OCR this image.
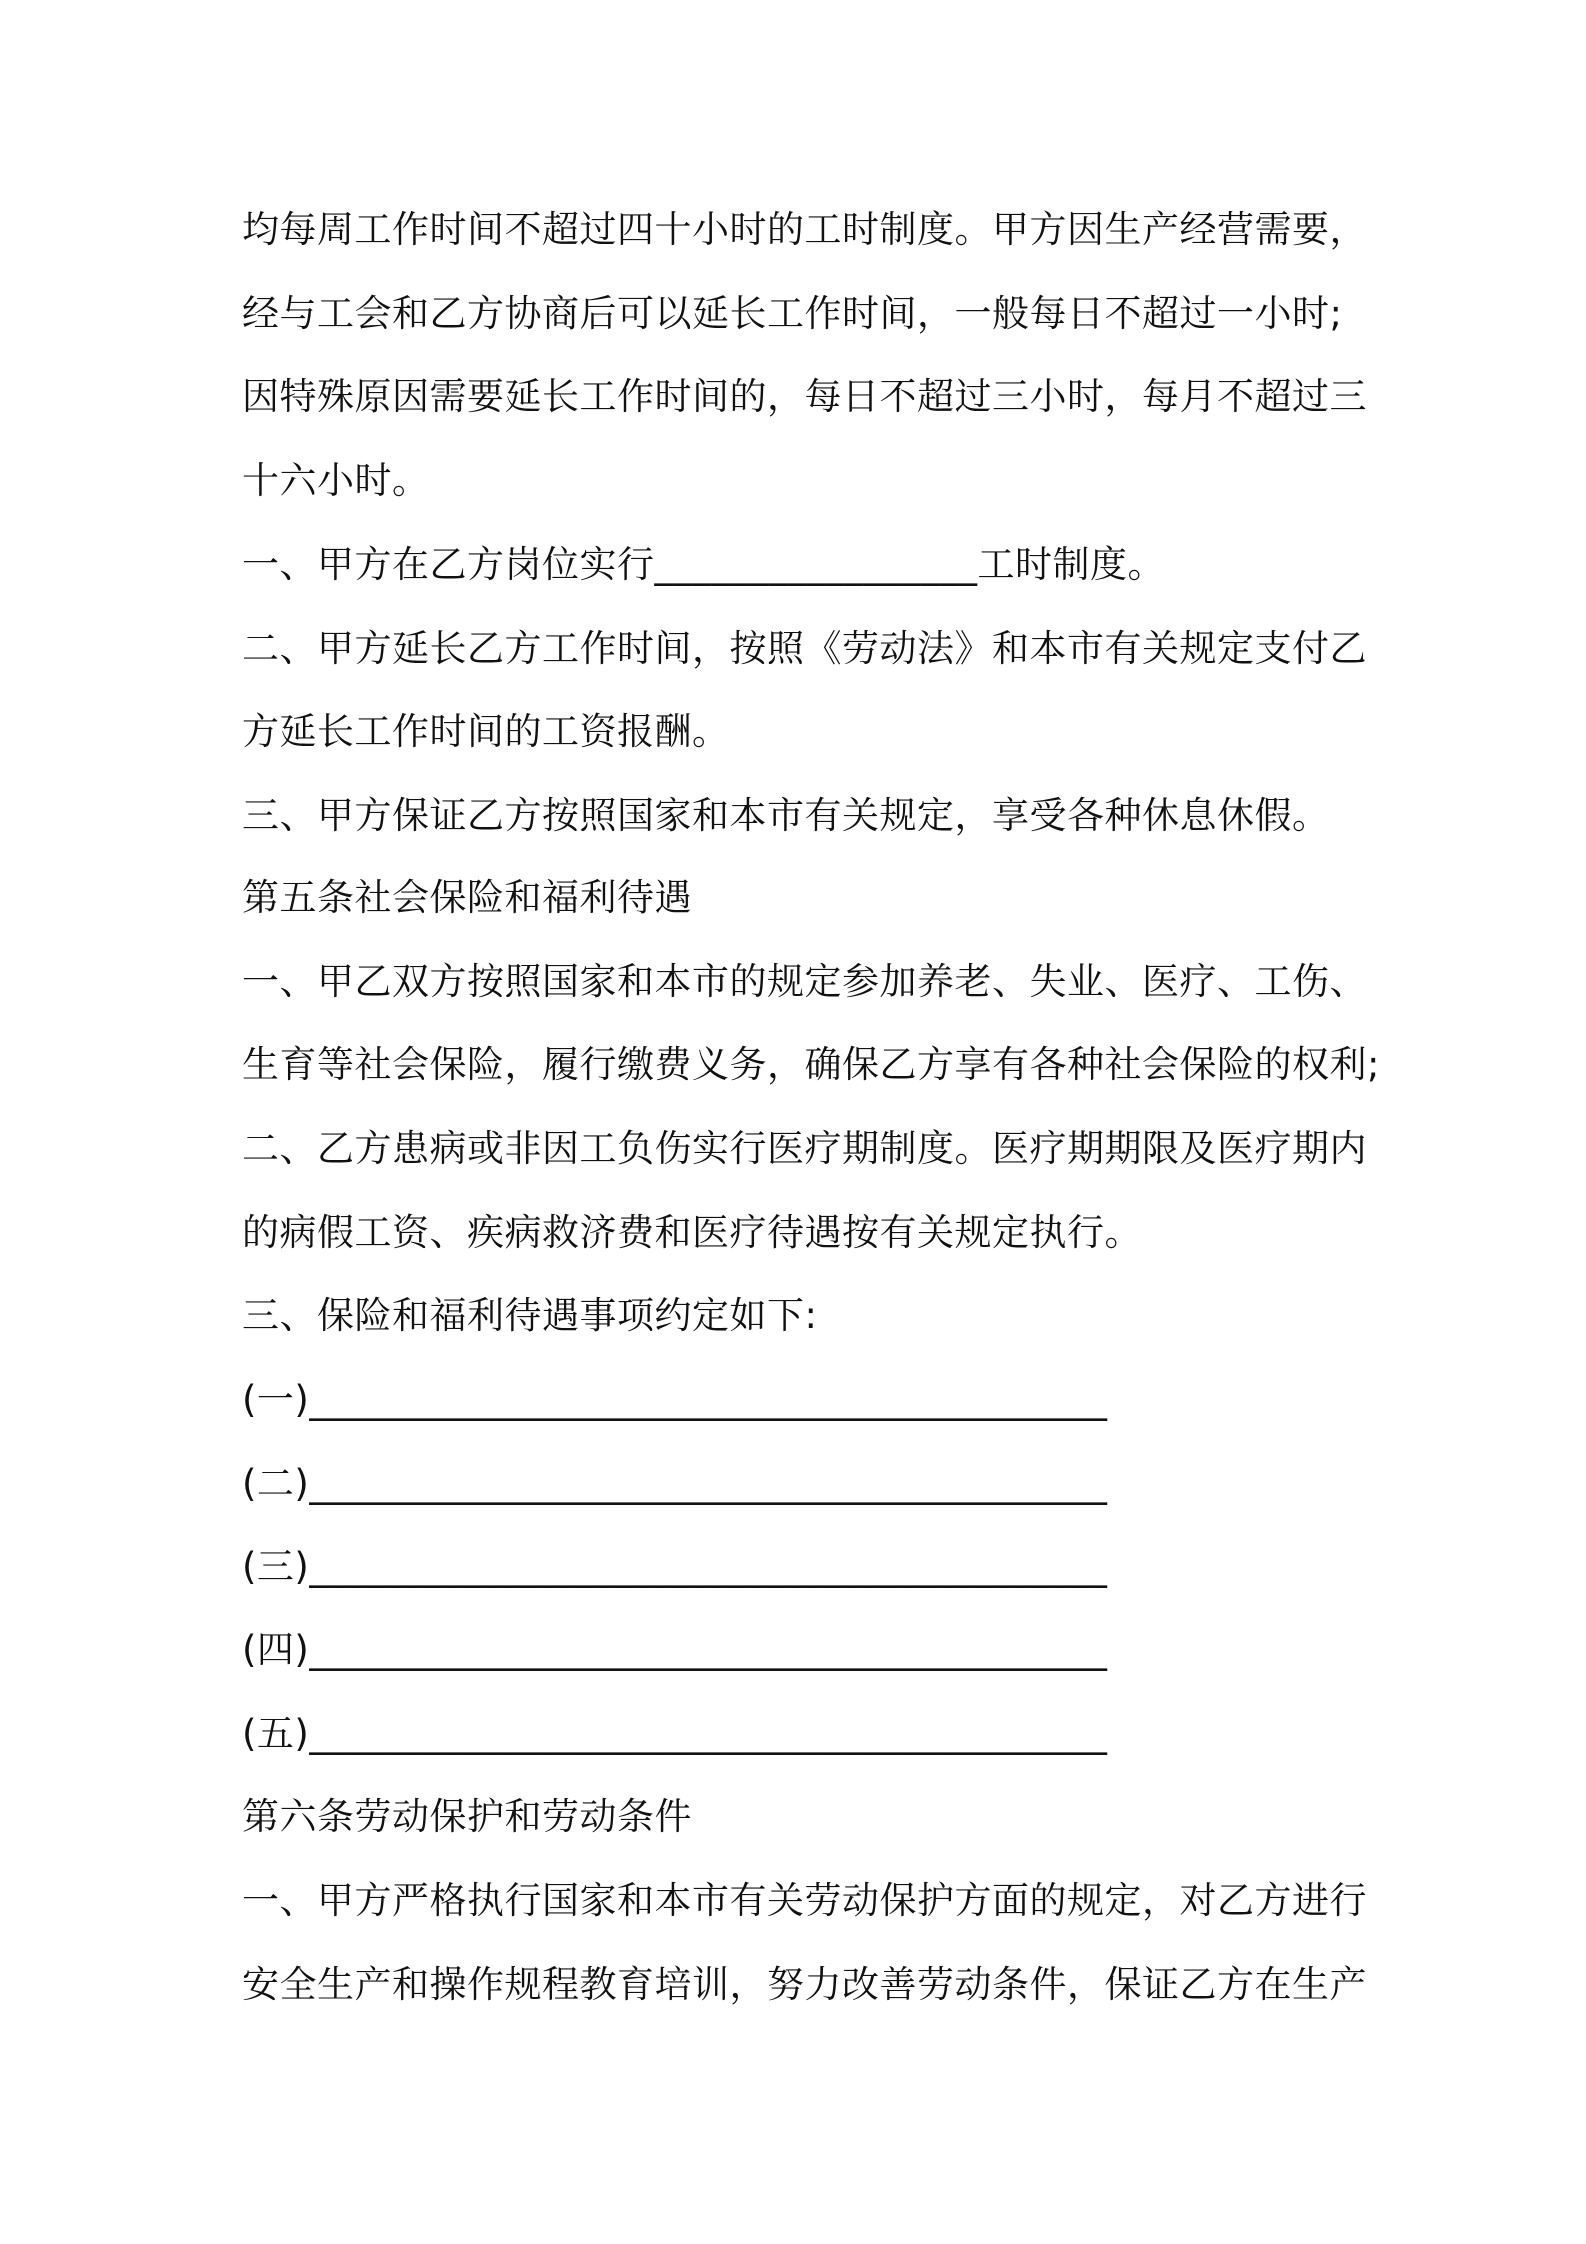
均每周工作时间不超过四十小时的工时制度。甲方因生产经营需要，
经与工会和乙方协商后可以延长工作时间，一般每日不超过一小时;
因特殊原因需要延长工作时间的，每日不超过三小时，每月不超过三
十六小时。
一、甲方在乙方岗位实行_________________工时制度。
二、甲方延长乙方工作时间，按照《劳动法》和本市有关规定支付乙
方延长工作时间的工资报酬。
三、甲方保证乙方按照国家和本市有关规定，享受各种休息休假。
第五条社会保险和福利待遇
一、甲乙双方按照国家和本市的规定参加养老、失业、医疗、工伤、
生育等社会保险，履行缴费义务，确保乙方享有各种社会保险的权利;
二、乙方患病或非因工负伤实行医疗期制度。医疗期期限及医疗期内
的病假工资、疾病救济费和医疗待遇按有关规定执行。
三、保险和福利待遇事项约定如下:
(一)__________________________________________
(二)__________________________________________
(三)__________________________________________
(四)__________________________________________
(五)__________________________________________
第六条劳动保护和劳动条件
一、甲方严格执行国家和本市有关劳动保护方面的规定，对乙方进行
安全生产和操作规程教育培训，努力改善劳动条件，保证乙方在生产
